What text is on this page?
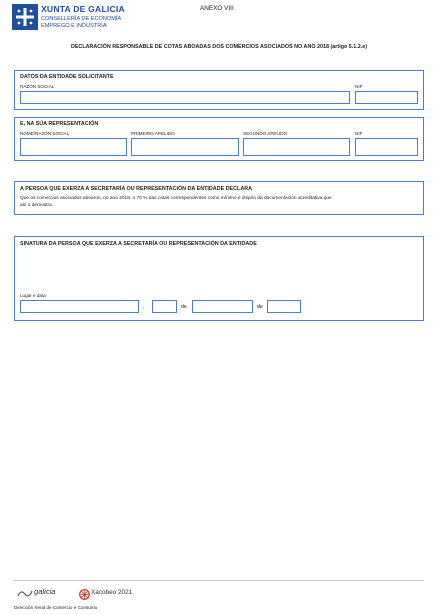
XUNTA DE GALICIA
CONSELLERÍA DE ECONOMÍA
EMPREGO E INDUSTRIA
ANEXO VIII
DECLARACIÓN RESPONSABLE DE COTAS ABOADAS DOS COMERCIOS ASOCIADOS NO ANO 2018 (artigo 5.1.2.e)
DATOS DA ENTIDADE SOLICITANTE
RAZÓN SOCIAL	NIF
E, NA SÚA REPRESENTACIÓN
NOME/RAZÓN SOCIAL	PRIMEIRO APELIDO	SEGUNDO APELIDO	NIF
A PERSOA QUE EXERZA A SECRETARÍA OU REPRESENTACIÓN DA ENTIDADE DECLARA
Que os comercios asociados aboaron, no ano 2018, o 70 % das cotas correspondentes como mínimo e dispón da documentación acreditativa que
así o demostra.
SINATURA DA PERSOA QUE EXERZA A SECRETARÍA OU REPRESENTACIÓN DA ENTIDADE
Lugar e data
,	de	de
galicia	Xacobeo 2021
Dirección Xeral de Comercio e Consumo
